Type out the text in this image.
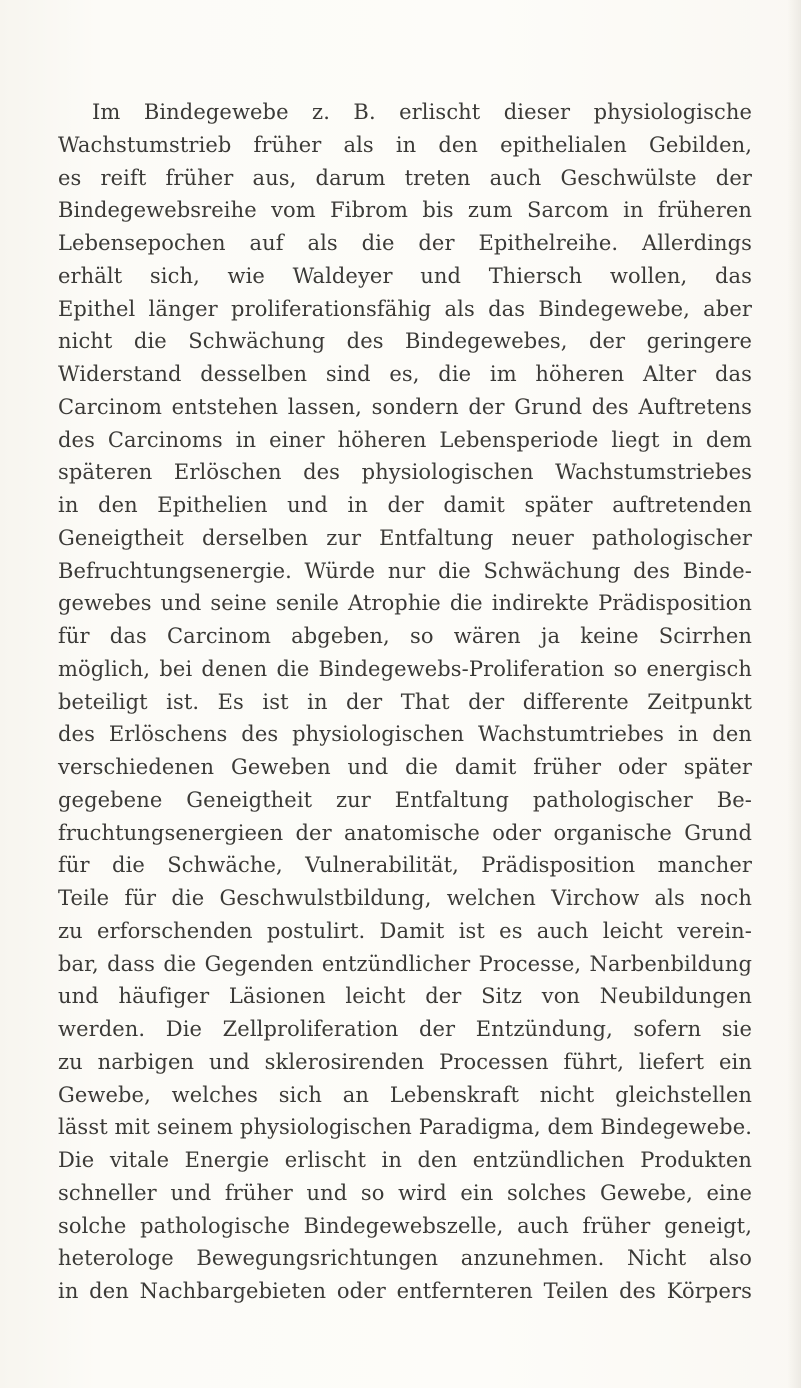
Im Bindegewebe z. B. erlischt dieser physiologische
Wachstumstrieb früher als in den epithelialen Gebilden,
es reift früher aus, darum treten auch Geschwülste der
Bindegewebsreihe vom Fibrom bis zum Sarcom in früheren
Lebensepochen auf als die der Epithelreihe. Allerdings
erhält sich, wie Waldeyer und Thiersch wollen, das
Epithel länger proliferationsfähig als das Bindegewebe, aber
nicht die Schwächung des Bindegewebes, der geringere
Widerstand desselben sind es, die im höheren Alter das
Carcinom entstehen lassen, sondern der Grund des Auftretens
des Carcinoms in einer höheren Lebensperiode liegt in dem
späteren Erlöschen des physiologischen Wachstumstriebes
in den Epithelien und in der damit später auftretenden
Geneigtheit derselben zur Entfaltung neuer pathologischer
Befruchtungsenergie. Würde nur die Schwächung des Binde-
gewebes und seine senile Atrophie die indirekte Prädisposition
für das Carcinom abgeben, so wären ja keine Scirrhen
möglich, bei denen die Bindegewebs-Proliferation so energisch
beteiligt ist. Es ist in der That der differente Zeitpunkt
des Erlöschens des physiologischen Wachstumtriebes in den
verschiedenen Geweben und die damit früher oder später
gegebene Geneigtheit zur Entfaltung pathologischer Be-
fruchtungsenergieen der anatomische oder organische Grund
für die Schwäche, Vulnerabilität, Prädisposition mancher
Teile für die Geschwulstbildung, welchen Virchow als noch
zu erforschenden postulirt. Damit ist es auch leicht verein-
bar, dass die Gegenden entzündlicher Processe, Narbenbildung
und häufiger Läsionen leicht der Sitz von Neubildungen
werden. Die Zellproliferation der Entzündung, sofern sie
zu narbigen und sklerosirenden Processen führt, liefert ein
Gewebe, welches sich an Lebenskraft nicht gleichstellen
lässt mit seinem physiologischen Paradigma, dem Bindegewebe.
Die vitale Energie erlischt in den entzündlichen Produkten
schneller und früher und so wird ein solches Gewebe, eine
solche pathologische Bindegewebszelle, auch früher geneigt,
heterologe Bewegungsrichtungen anzunehmen. Nicht also
in den Nachbargebieten oder entfernteren Teilen des Körpers
